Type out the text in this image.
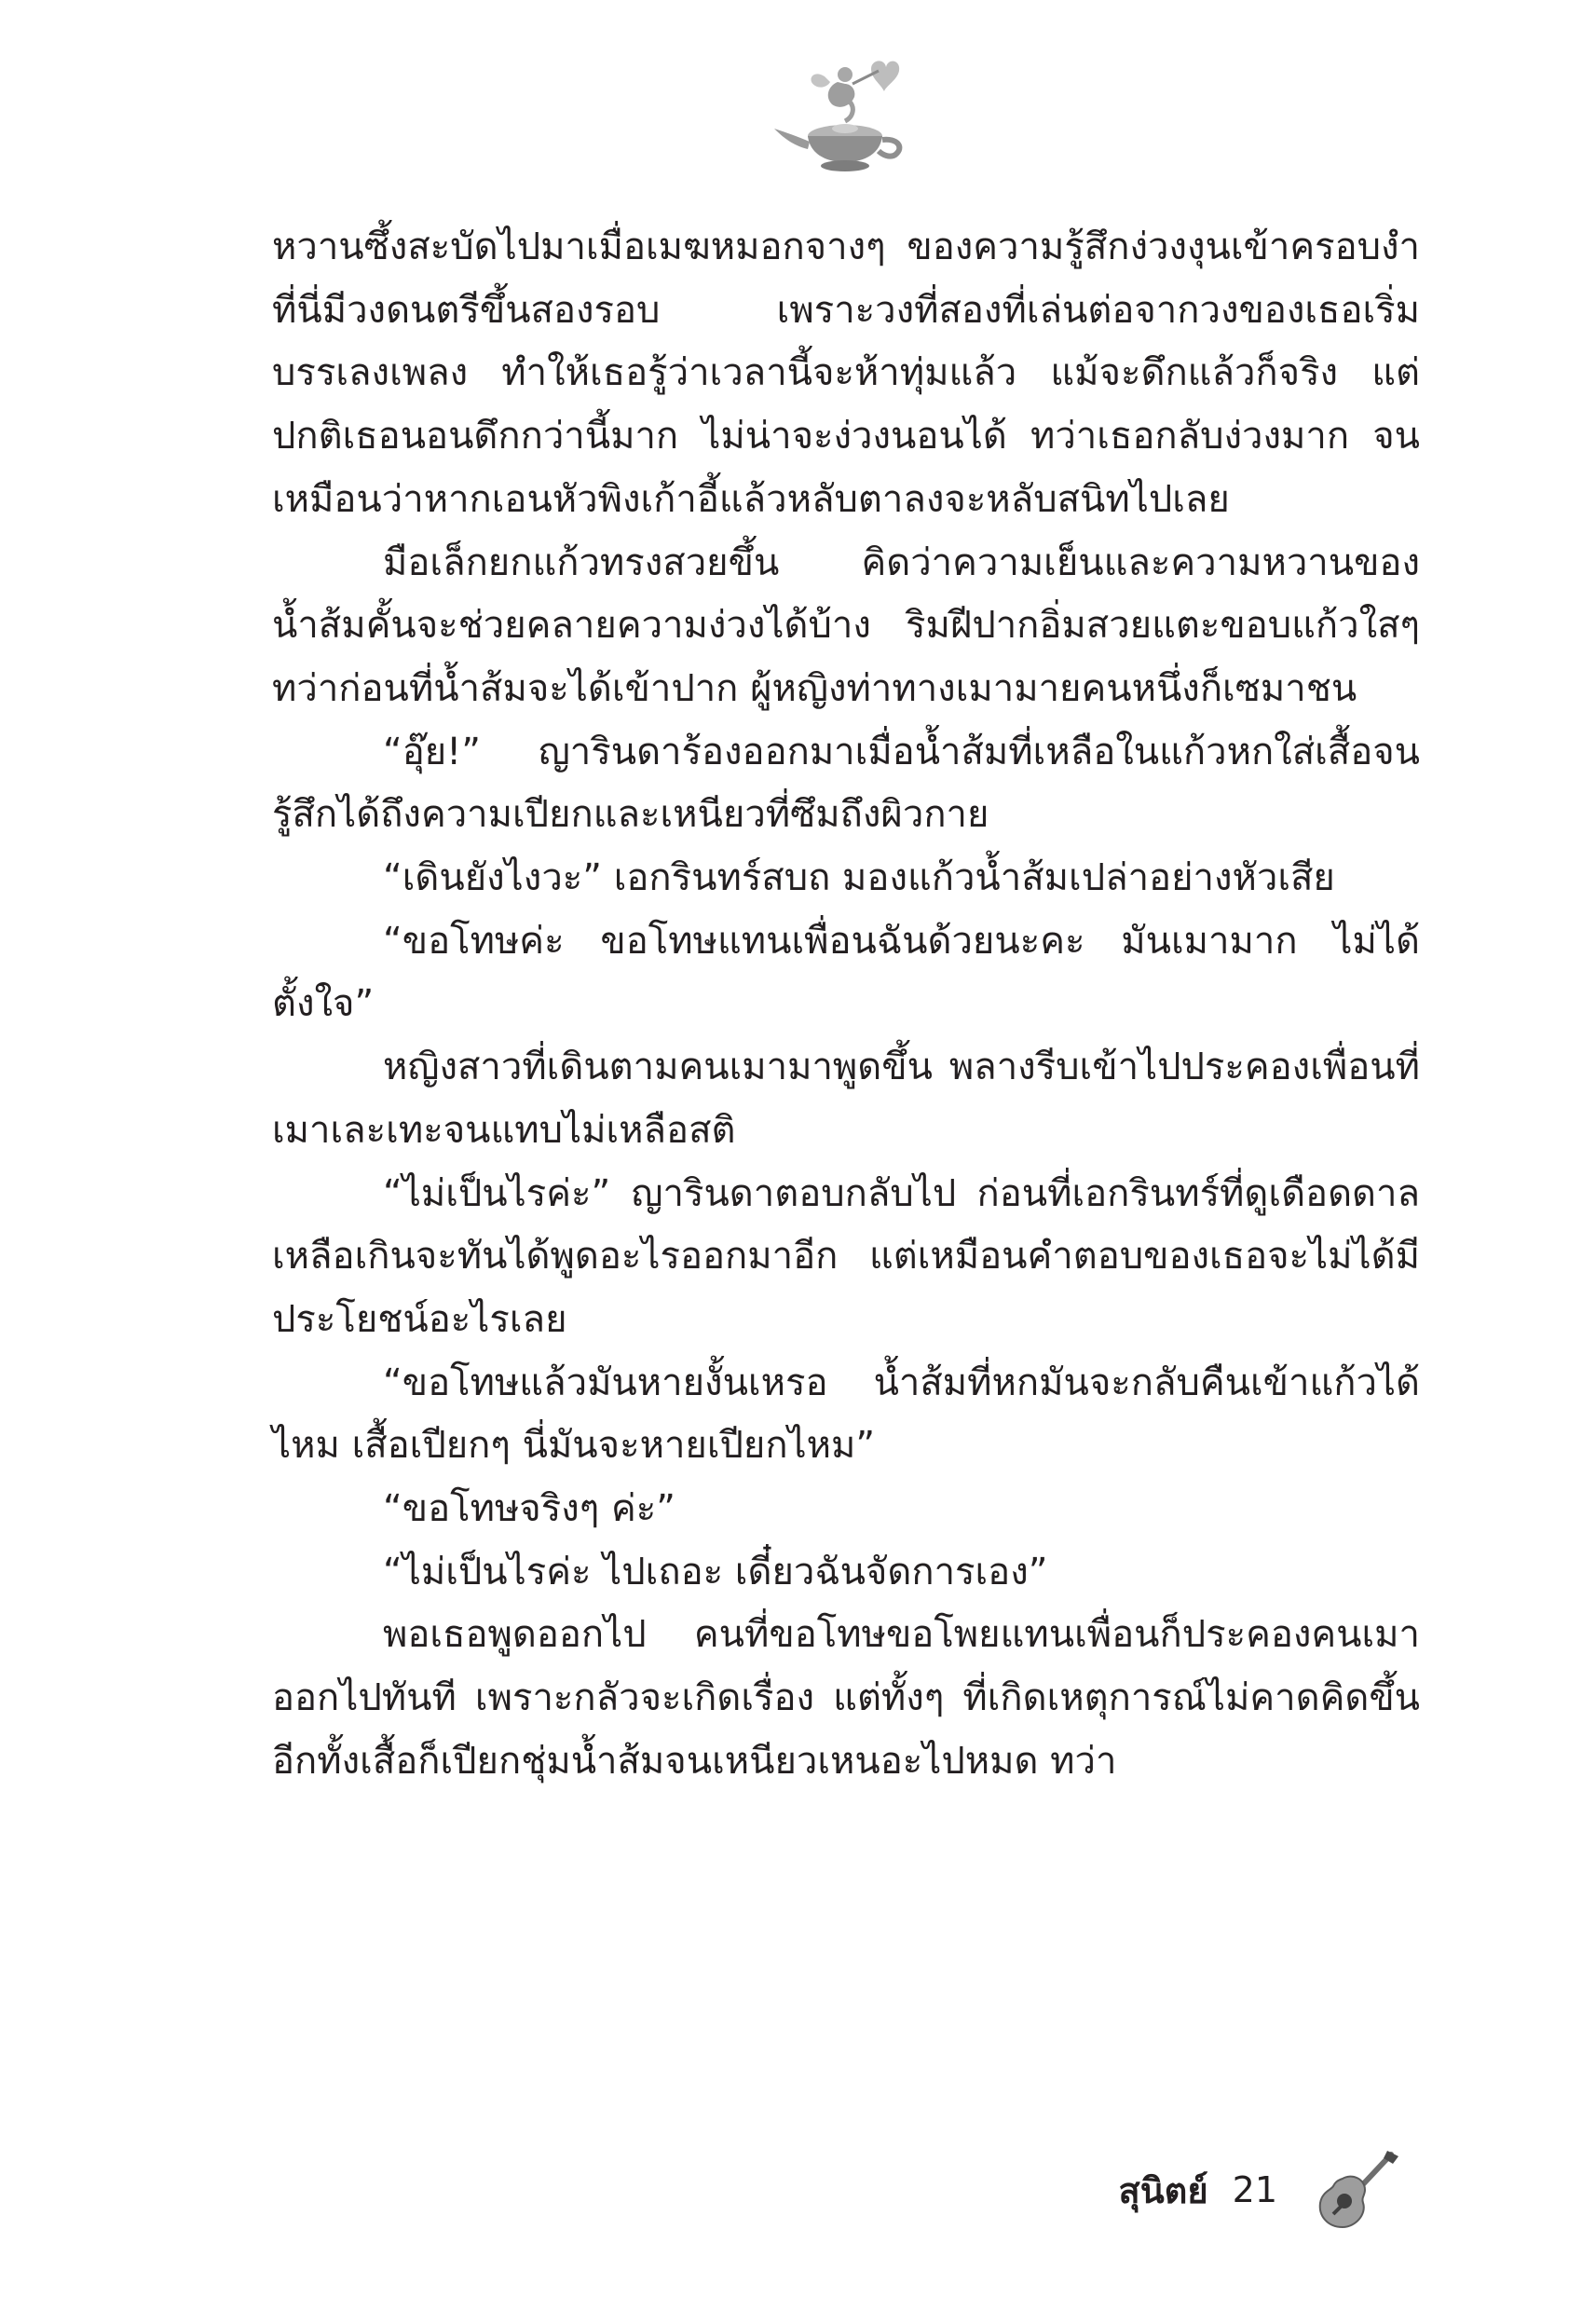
หวานซึ้งสะบัดไปมาเมื่อเมฆหมอกจางๆ ของความรู้สึกง่วงงุนเข้าครอบงำ ที่นี่มีวงดนตรีขึ้นสองรอบ เพราะวงที่สองที่เล่นต่อจากวงของเธอเริ่มบรรเลงเพลง ทำให้เธอรู้ว่าเวลานี้จะห้าทุ่มแล้ว แม้จะดึกแล้วก็จริง แต่ปกติเธอนอนดึกกว่านี้มาก ไม่น่าจะง่วงนอนได้ ทว่าเธอกลับง่วงมาก จนเหมือนว่าหากเอนหัวพิงเก้าอี้แล้วหลับตาลงจะหลับสนิทไปเลย

มือเล็กยกแก้วทรงสวยขึ้น คิดว่าความเย็นและความหวานของน้ำส้มคั้นจะช่วยคลายความง่วงได้บ้าง ริมฝีปากอิ่มสวยแตะขอบแก้วใสๆ ทว่าก่อนที่น้ำส้มจะได้เข้าปาก ผู้หญิงท่าทางเมามายคนหนึ่งก็เซมาชน

“อุ๊ย!” ญารินดาร้องออกมาเมื่อน้ำส้มที่เหลือในแก้วหกใส่เสื้อจนรู้สึกได้ถึงความเปียกและเหนียวที่ซึมถึงผิวกาย

“เดินยังไงวะ” เอกรินทร์สบถ มองแก้วน้ำส้มเปล่าอย่างหัวเสีย

“ขอโทษค่ะ ขอโทษแทนเพื่อนฉันด้วยนะคะ มันเมามาก ไม่ได้ตั้งใจ”

หญิงสาวที่เดินตามคนเมามาพูดขึ้น พลางรีบเข้าไปประคองเพื่อนที่เมาเละเทะจนแทบไม่เหลือสติ

“ไม่เป็นไรค่ะ” ญารินดาตอบกลับไป ก่อนที่เอกรินทร์ที่ดูเดือดดาลเหลือเกินจะทันได้พูดอะไรออกมาอีก แต่เหมือนคำตอบของเธอจะไม่ได้มีประโยชน์อะไรเลย

“ขอโทษแล้วมันหายงั้นเหรอ น้ำส้มที่หกมันจะกลับคืนเข้าแก้วได้ไหม เสื้อเปียกๆ นี่มันจะหายเปียกไหม”

“ขอโทษจริงๆ ค่ะ”

“ไม่เป็นไรค่ะ ไปเถอะ เดี๋ยวฉันจัดการเอง”

พอเธอพูดออกไป คนที่ขอโทษขอโพยแทนเพื่อนก็ประคองคนเมาออกไปทันที เพราะกลัวจะเกิดเรื่อง แต่ทั้งๆ ที่เกิดเหตุการณ์ไม่คาดคิดขึ้น อีกทั้งเสื้อก็เปียกชุ่มน้ำส้มจนเหนียวเหนอะไปหมด ทว่า

สุนิตย์ 21
